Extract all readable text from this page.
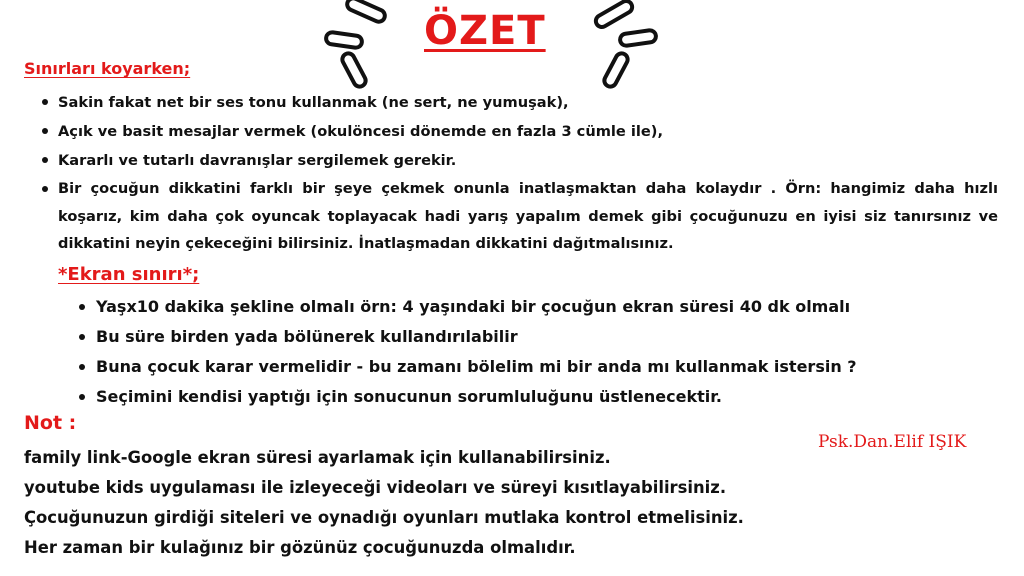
ÖZET

Sınırları koyarken;

Sakin fakat net bir ses tonu kullanmak (ne sert, ne yumuşak),
Açık ve basit mesajlar vermek (okulöncesi dönemde en fazla 3 cümle ile),
Kararlı ve tutarlı davranışlar sergilemek gerekir.
Bir çocuğun dikkatini farklı bir şeye çekmek onunla inatlaşmaktan daha kolaydır . Örn: hangimiz daha hızlı koşarız, kim daha çok oyuncak toplayacak hadi yarış yapalım demek gibi çocuğunuzu en iyisi siz tanırsınız ve dikkatini neyin çekeceğini bilirsiniz. İnatlaşmadan dikkatini dağıtmalısınız.

*Ekran sınırı*;

Yaşx10 dakika şekline olmalı örn: 4 yaşındaki bir çocuğun ekran süresi 40 dk olmalı
Bu süre birden yada bölünerek kullandırılabilir
Buna çocuk karar vermelidir - bu zamanı bölelim mi bir anda mı kullanmak istersin ?
Seçimini kendisi yaptığı için sonucunun sorumluluğunu üstlenecektir.

Not :

family link-Google ekran süresi ayarlamak için kullanabilirsiniz.
youtube kids uygulaması ile izleyeceği videoları ve süreyi kısıtlayabilirsiniz.
Çocuğunuzun girdiği siteleri ve oynadığı oyunları mutlaka kontrol etmelisiniz.
Her zaman bir kulağınız bir gözünüz çocuğunuzda olmalıdır.

Psk.Dan.Elif IŞIK
